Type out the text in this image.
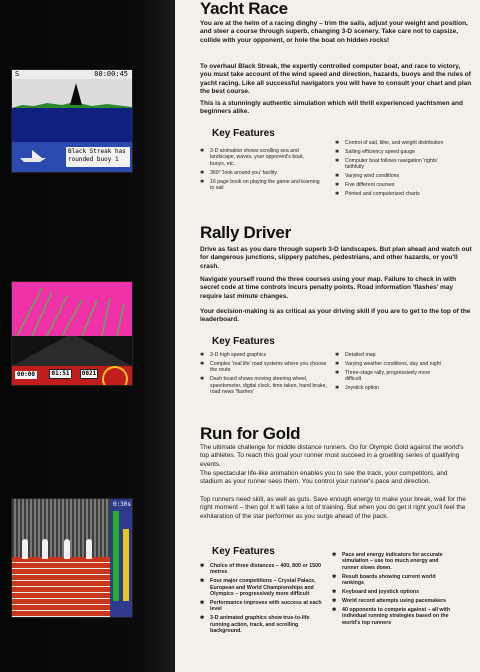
S	00:00:45
Black Streak has rounded buoy 1
00:00	01:51	0021
0:30s
Yacht Race

You are at the helm of a racing dinghy – trim the sails, adjust your weight and position, and steer a course through superb, changing 3-D scenery. Take care not to capsize, collide with your opponent, or hole the boat on hidden rocks!

To overhaul Black Streak, the expertly controlled computer boat, and race to victory, you must take account of the wind speed and direction, hazards, buoys and the rules of yacht racing. Like all successful navigators you will have to consult your chart and plan the best course.

This is a stunningly authentic simulation which will thrill experienced yachtsmen and beginners alike.

Key Features
✱ 3-D animation shows scrolling sea and landscape, waves, your opponent's boat, buoys, etc.
✱ 360° 'look around you' facility
✱ 16 page book on playing the game and learning to sail
✱ Control of sail, tiller, and weight distribution
✱ Sailing efficiency speed gauge
✱ Computer boat follows navigation 'rights' faithfully
✱ Varying wind conditions
✱ Five different courses
✱ Printed and computerized charts
Rally Driver

Drive as fast as you dare through superb 3-D landscapes. But plan ahead and watch out for dangerous junctions, slippery patches, pedestrians, and other hazards, or you'll crash.

Navigate yourself round the three courses using your map. Failure to check in with secret code at time controls incurs penalty points. Road information 'flashes' may require last minute changes.

Your decision-making is as critical as your driving skill if you are to get to the top of the leaderboard.

Key Features
✱ 3-D high speed graphics
✱ Complex 'real life' road systems where you choose the route
✱ Dash board shows moving steering wheel, speedometer, digital clock, time taken, hand brake, road news 'flashes'
✱ Detailed map
✱ Varying weather conditions, day and night
✱ Three-stage rally, progressively more difficult
✱ Joystick option
Run for Gold

The ultimate challenge for middle distance runners. Go for Olympic Gold against the world's top athletes. To reach this goal your runner must succeed in a gruelling series of qualifying events.

The spectacular life-like animation enables you to see the track, your competitors, and stadium as your runner sees them. You control your runner's pace and direction.

Top runners need skill, as well as guts. Save enough energy to make your break, wait for the right moment – then go! It will take a lot of training. But when you do get it right you'll feel the exhilaration of the star performer as you surge ahead of the pack.

Key Features
✱ Choice of three distances – 400, 800 or 1500 metres
✱ Four major competitions – Crystal Palace, European and World Championships and Olympics – progressively more difficult
✱ Performance improves with success at each level
✱ 3-D animated graphics show true-to-life running action, track, and scrolling background.
✱ Pace and energy indicators for accurate simulation – use too much energy and runner slows down.
✱ Result boards showing current world rankings
✱ Keyboard and joystick options
✱ World record attempts using pacemakers
✱ 40 opponents to compete against – all with individual running strategies based on the world's top runners
